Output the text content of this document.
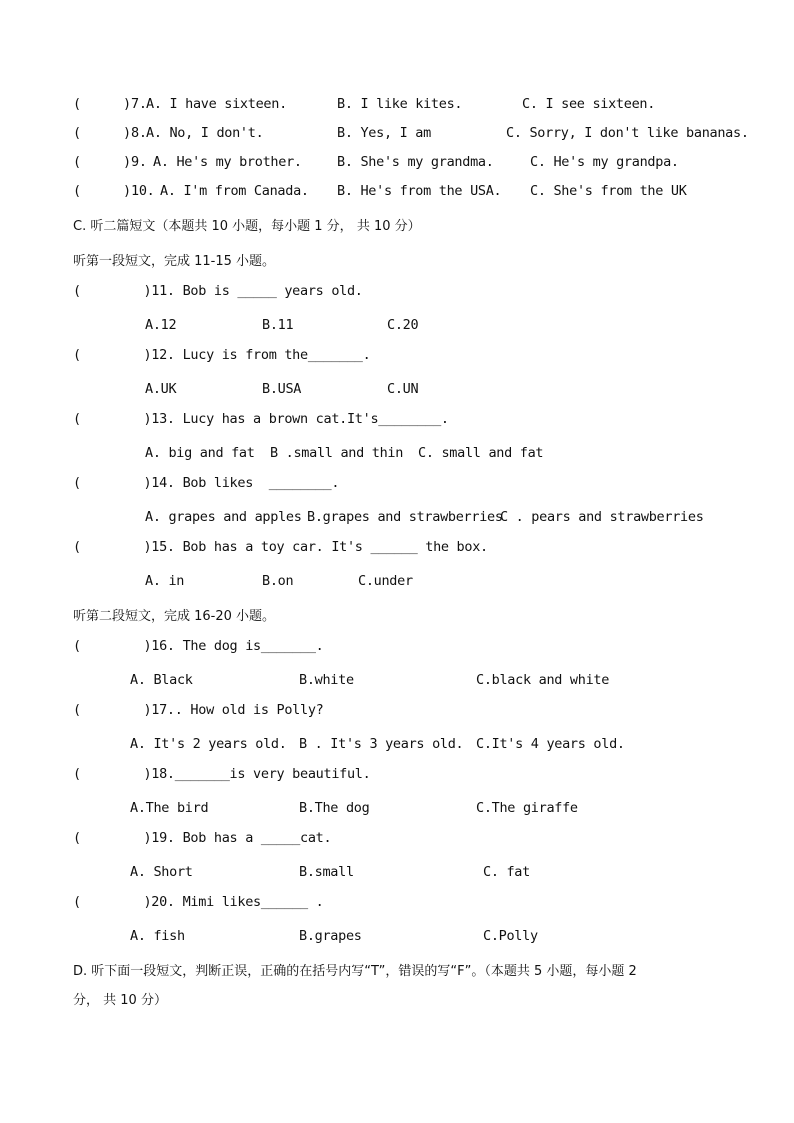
(	) 7. A. I have sixteen.	B. I like kites.	C. I see sixteen.
(	) 8. A. No, I don't.	B. Yes, I am	C. Sorry, I don't like bananas.
(	) 9. A. He's my brother.	B. She's my grandma.	C. He's my grandpa.
(	) 10. A. I'm from Canada. B. He's from the USA. C. She's from the UK
C. 听二篇短文（本题共 10 小题，每小题 1 分， 共 10 分）
听第一段短文，完成 11-15 小题。
(        )11. Bob is _____ years old.
A.12	B.11	C.20
(        )12. Lucy is from the_______.
A.UK	B.USA	C.UN
(        )13. Lucy has a brown cat.It's________.
A. big and fat B .small and thin C. small and fat
(        )14. Bob likes  ________.
A. grapes and apples B.grapes and strawberries
C . pears and strawberries
(        )15. Bob has a toy car. It's ______ the box.
A. in	B.on	C.under
听第二段短文，完成 16-20 小题。
(        )16. The dog is_______.
A. Black	B.white	C.black and white
(        )17.. How old is Polly?
A. It's 2 years old. B . It's 3 years old. C.It's 4 years old.
(        )18._______is very beautiful.
A.The bird	B.The dog	C.The giraffe
(        )19. Bob has a _____cat.
A. Short	B.small	C. fat
(        )20. Mimi likes______ .
A. fish	B.grapes	C.Polly
D. 听下面一段短文，判断正误，正确的在括号内写“T”，错误的写“F”。（本题共 5 小题，每小题 2
分， 共 10 分）
